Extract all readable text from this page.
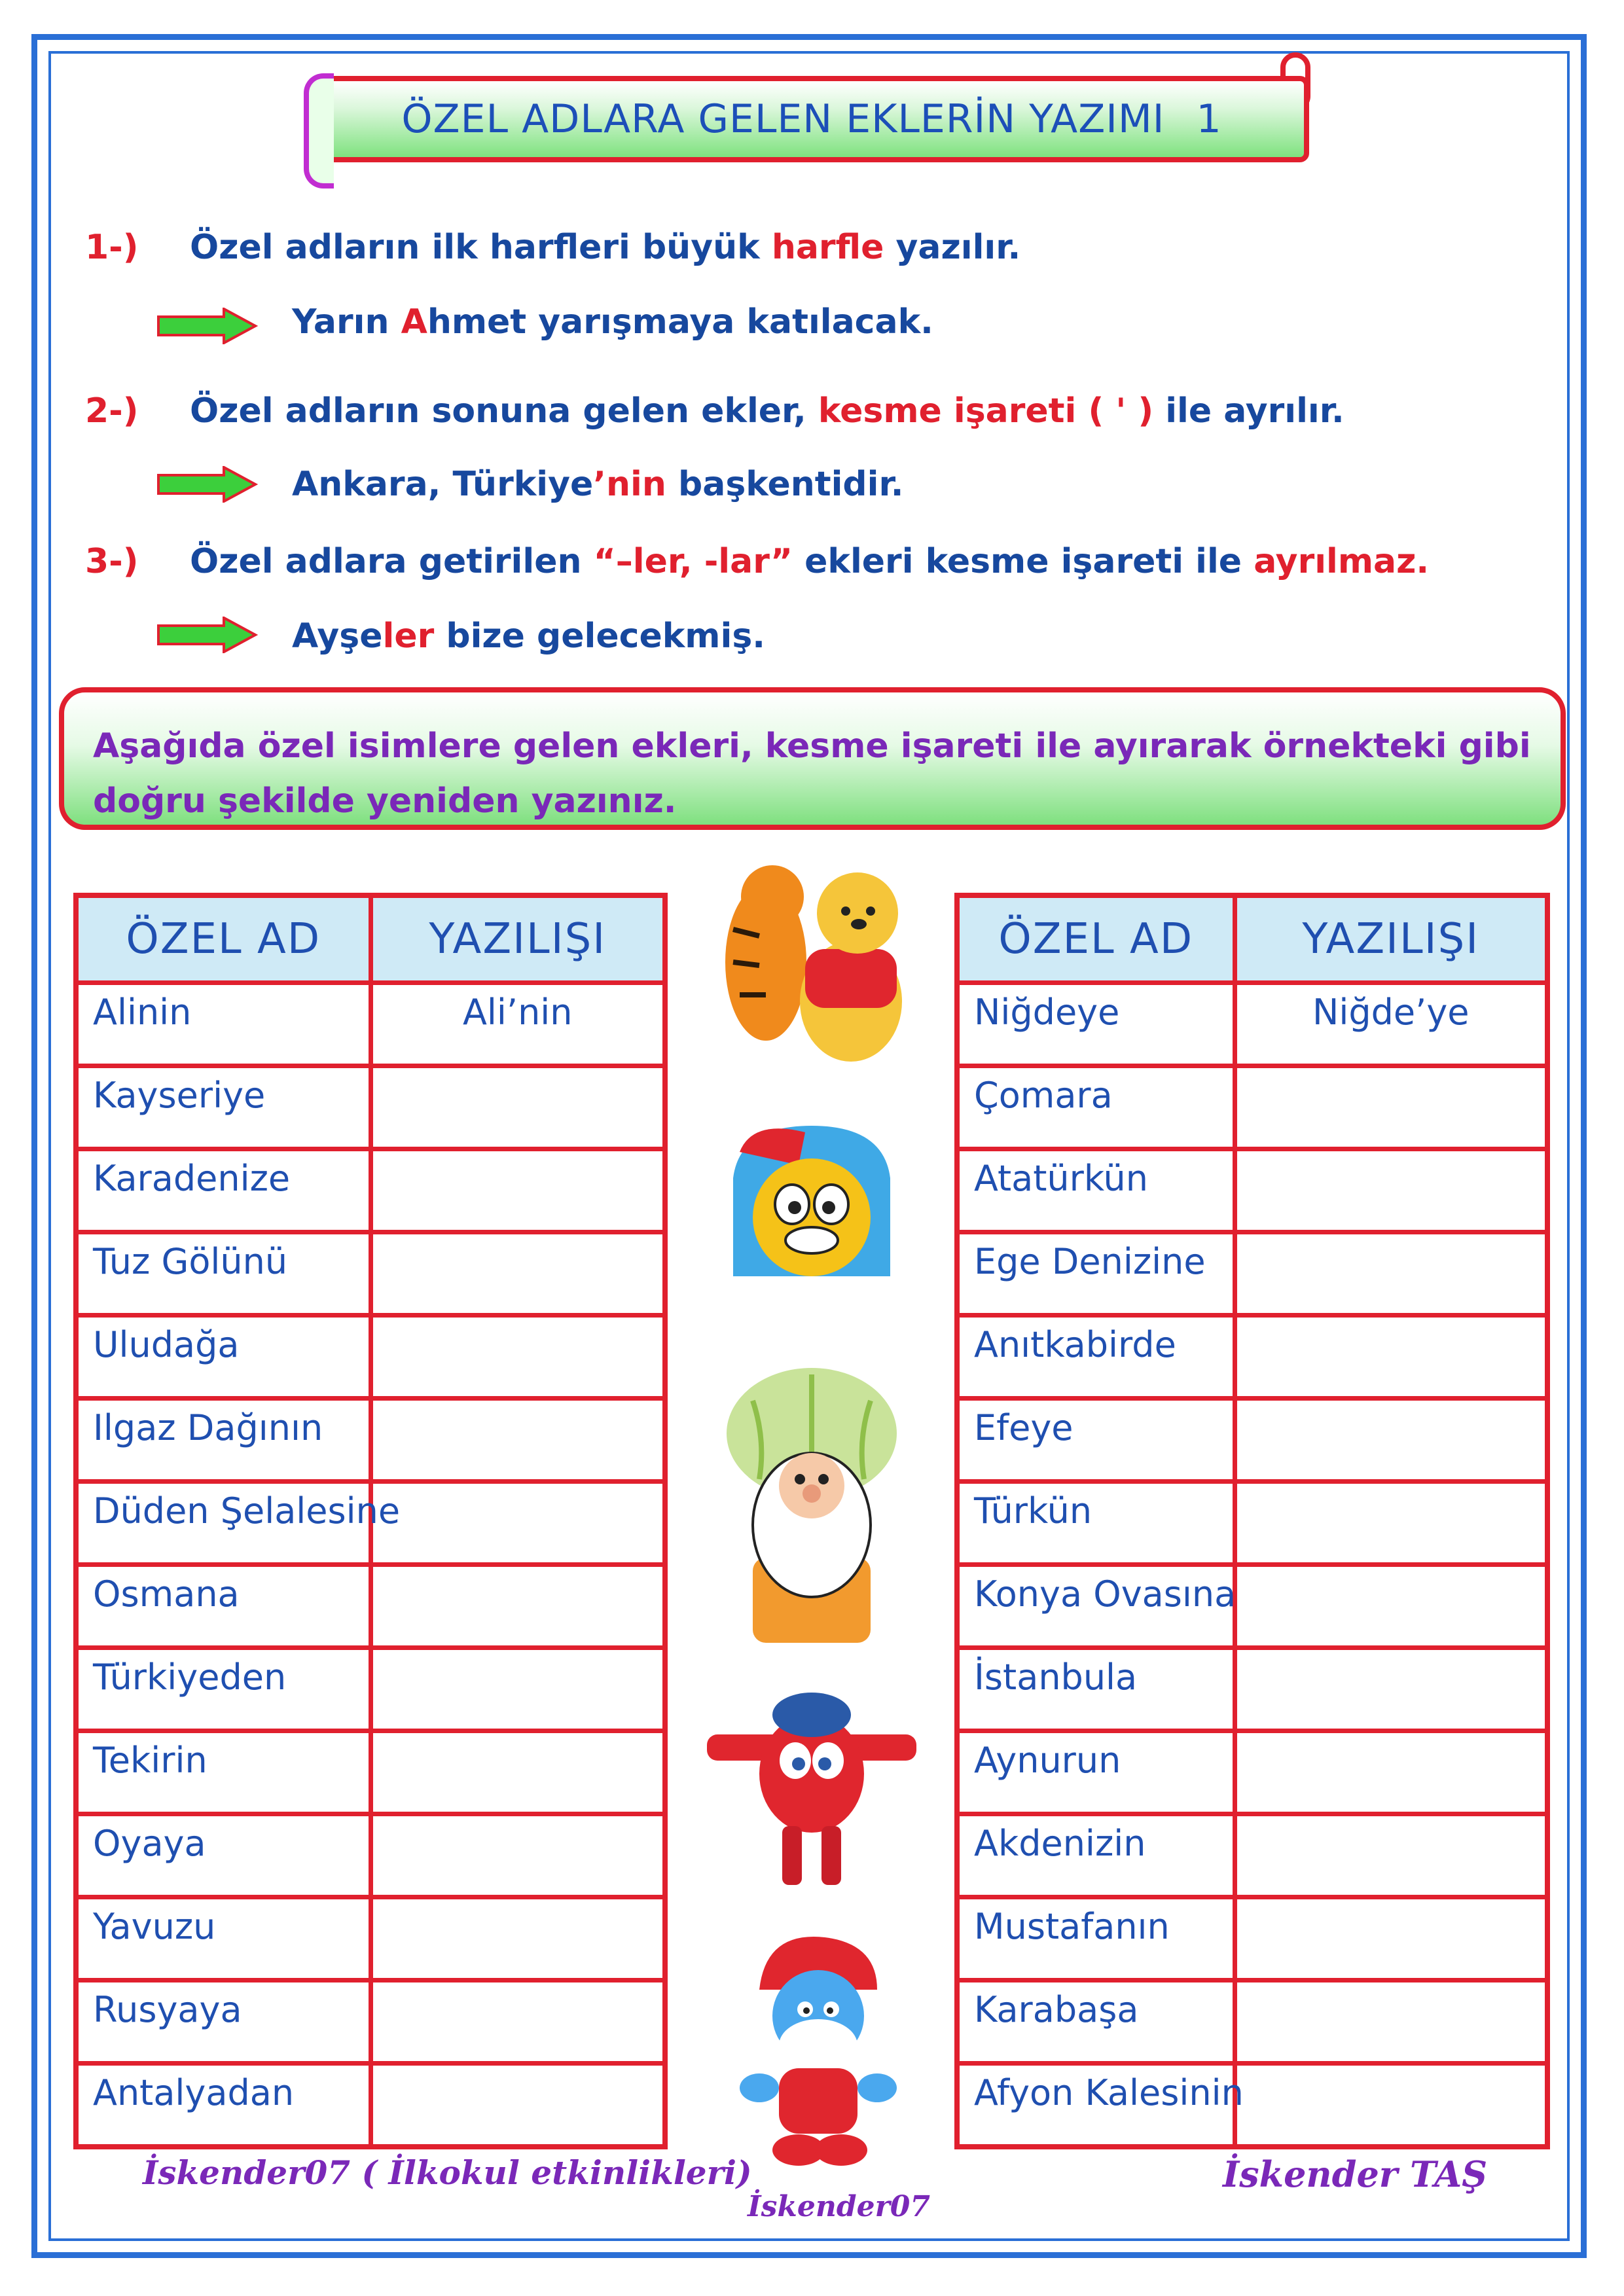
ÖZEL ADLARA GELEN EKLERİN YAZIMI 1
1-) Özel adların ilk harfleri büyük harfle yazılır.
Yarın Ahmet yarışmaya katılacak.
2-) Özel adların sonuna gelen ekler, kesme işareti ( ' ) ile ayrılır.
Ankara, Türkiye’nin başkentidir.
3-) Özel adlara getirilen “–ler, -lar” ekleri kesme işareti ile ayrılmaz.
Ayşeler bize gelecekmiş.
Aşağıda özel isimlere gelen ekleri, kesme işareti ile ayırarak örnekteki gibi doğru şekilde yeniden yazınız.
ÖZEL AD	YAZILIŞI
Alinin	Ali’nin
Kayseriye	
Karadenize	
Tuz Gölünü	
Uludağa	
Ilgaz Dağının	
Düden Şelalesine	
Osmana	
Türkiyeden	
Tekirin	
Oyaya	
Yavuzu	
Rusyaya	
Antalyadan	
ÖZEL AD	YAZILIŞI
Niğdeye	Niğde’ye
Çomara	
Atatürkün	
Ege Denizine	
Anıtkabirde	
Efeye	
Türkün	
Konya Ovasına	
İstanbula	
Aynurun	
Akdenizin	
Mustafanın	
Karabaşa	
Afyon Kalesinin	
İskender07 ( İlkokul etkinlikleri)
İskender07
İskender TAŞ
